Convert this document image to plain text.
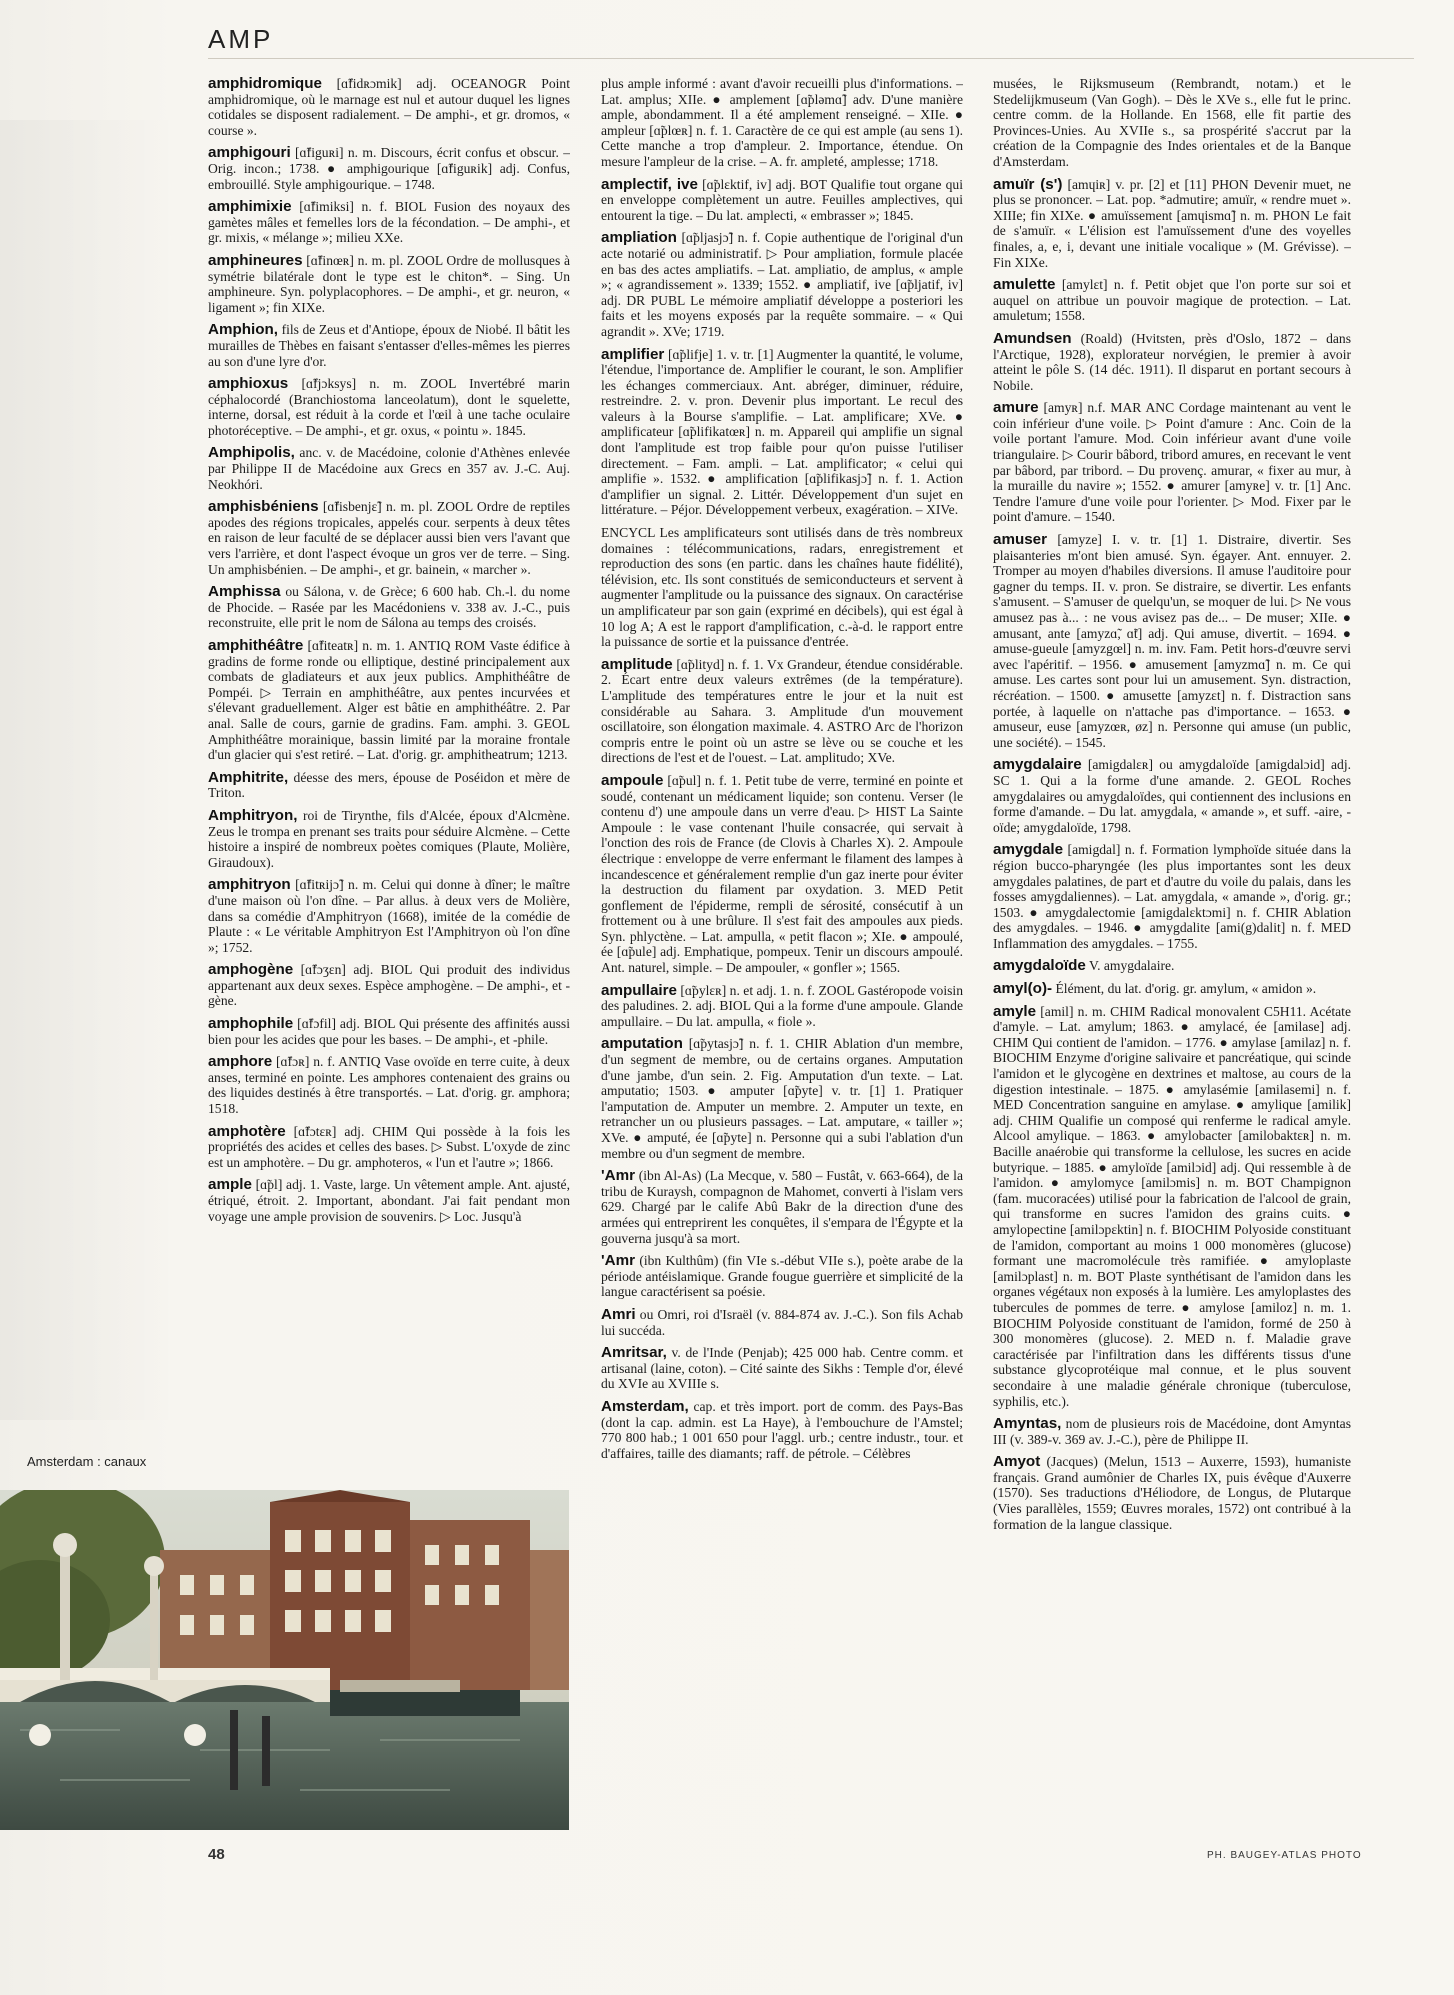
AMP

amphidromique [ɑ̃fidʀɔmik] adj. OCEANOGR Point amphidromique, où le marnage est nul et autour duquel les lignes cotidales se disposent radialement. – De amphi-, et gr. dromos, « course ».

amphigouri [ɑ̃figuʀi] n. m. Discours, écrit confus et obscur. – Orig. incon.; 1738. ● amphigourique [ɑ̃figuʀik] adj. Confus, embrouillé. Style amphigourique. – 1748.

amphimixie [ɑ̃fimiksi] n. f. BIOL Fusion des noyaux des gamètes mâles et femelles lors de la fécondation. – De amphi-, et gr. mixis, « mélange »; milieu XXe.

amphineures [ɑ̃finœʀ] n. m. pl. ZOOL Ordre de mollusques à symétrie bilatérale dont le type est le chiton*. – Sing. Un amphineure. Syn. polyplacophores. – De amphi-, et gr. neuron, « ligament »; fin XIXe.

Amphion, fils de Zeus et d'Antiope, époux de Niobé. Il bâtit les murailles de Thèbes en faisant s'entasser d'elles-mêmes les pierres au son d'une lyre d'or.

amphioxus [ɑ̃fjɔksys] n. m. ZOOL Invertébré marin céphalocordé (Branchiostoma lanceolatum), dont le squelette, interne, dorsal, est réduit à la corde et l'œil à une tache oculaire photoréceptive. – De amphi-, et gr. oxus, « pointu ». 1845.

Amphipolis, anc. v. de Macédoine, colonie d'Athènes enlevée par Philippe II de Macédoine aux Grecs en 357 av. J.-C. Auj. Neokhóri.

amphisbéniens [ɑ̃fisbenjɛ̃] n. m. pl. ZOOL Ordre de reptiles apodes des régions tropicales, appelés cour. serpents à deux têtes en raison de leur faculté de se déplacer aussi bien vers l'avant que vers l'arrière, et dont l'aspect évoque un gros ver de terre. – Sing. Un amphisbénien. – De amphi-, et gr. bainein, « marcher ».

Amphissa ou Sálona, v. de Grèce; 6 600 hab. Ch.-l. du nome de Phocide. – Rasée par les Macédoniens v. 338 av. J.-C., puis reconstruite, elle prit le nom de Sálona au temps des croisés.

amphithéâtre [ɑ̃fiteatʀ] n. m. 1. ANTIQ ROM Vaste édifice à gradins de forme ronde ou elliptique, destiné principalement aux combats de gladiateurs et aux jeux publics. Amphithéâtre de Pompéi. ▷ Terrain en amphithéâtre, aux pentes incurvées et s'élevant graduellement. Alger est bâtie en amphithéâtre. 2. Par anal. Salle de cours, garnie de gradins. Fam. amphi. 3. GEOL Amphithéâtre morainique, bassin limité par la moraine frontale d'un glacier qui s'est retiré. – Lat. d'orig. gr. amphitheatrum; 1213.

Amphitrite, déesse des mers, épouse de Poséidon et mère de Triton.

Amphitryon, roi de Tirynthe, fils d'Alcée, époux d'Alcmène. Zeus le trompa en prenant ses traits pour séduire Alcmène. – Cette histoire a inspiré de nombreux poètes comiques (Plaute, Molière, Giraudoux).

amphitryon [ɑ̃fitʀijɔ̃] n. m. Celui qui donne à dîner; le maître d'une maison où l'on dîne. – Par allus. à deux vers de Molière, dans sa comédie d'Amphitryon (1668), imitée de la comédie de Plaute : « Le véritable Amphitryon Est l'Amphitryon où l'on dîne »; 1752.

amphogène [ɑ̃fɔʒɛn] adj. BIOL Qui produit des individus appartenant aux deux sexes. Espèce amphogène. – De amphi-, et -gène.

amphophile [ɑ̃fɔfil] adj. BIOL Qui présente des affinités aussi bien pour les acides que pour les bases. – De amphi-, et -phile.

amphore [ɑ̃fɔʀ] n. f. ANTIQ Vase ovoïde en terre cuite, à deux anses, terminé en pointe. Les amphores contenaient des grains ou des liquides destinés à être transportés. – Lat. d'orig. gr. amphora; 1518.

amphotère [ɑ̃fɔtɛʀ] adj. CHIM Qui possède à la fois les propriétés des acides et celles des bases. ▷ Subst. L'oxyde de zinc est un amphotère. – Du gr. amphoteros, « l'un et l'autre »; 1866.

ample [ɑ̃pl] adj. 1. Vaste, large. Un vêtement ample. Ant. ajusté, étriqué, étroit. 2. Important, abondant. J'ai fait pendant mon voyage une ample provision de souvenirs. ▷ Loc. Jusqu'à

plus ample informé : avant d'avoir recueilli plus d'informations. – Lat. amplus; XIIe. ● amplement [ɑ̃pləmɑ̃] adv. D'une manière ample, abondamment. Il a été amplement renseigné. – XIIe. ● ampleur [ɑ̃plœʀ] n. f. 1. Caractère de ce qui est ample (au sens 1). Cette manche a trop d'ampleur. 2. Importance, étendue. On mesure l'ampleur de la crise. – A. fr. ampleté, amplesse; 1718.

amplectif, ive [ɑ̃plɛktif, iv] adj. BOT Qualifie tout organe qui en enveloppe complètement un autre. Feuilles amplectives, qui entourent la tige. – Du lat. amplecti, « embrasser »; 1845.

ampliation [ɑ̃pljasjɔ̃] n. f. Copie authentique de l'original d'un acte notarié ou administratif. ▷ Pour ampliation, formule placée en bas des actes ampliatifs. – Lat. ampliatio, de amplus, « ample »; « agrandissement ». 1339; 1552. ● ampliatif, ive [ɑ̃pljatif, iv] adj. DR PUBL Le mémoire ampliatif développe a posteriori les faits et les moyens exposés par la requête sommaire. – « Qui agrandit ». XVe; 1719.

amplifier [ɑ̃plifje] 1. v. tr. [1] Augmenter la quantité, le volume, l'étendue, l'importance de. Amplifier le courant, le son. Amplifier les échanges commerciaux. Ant. abréger, diminuer, réduire, restreindre. 2. v. pron. Devenir plus important. Le recul des valeurs à la Bourse s'amplifie. – Lat. amplificare; XVe. ● amplificateur [ɑ̃plifikatœʀ] n. m. Appareil qui amplifie un signal dont l'amplitude est trop faible pour qu'on puisse l'utiliser directement. – Fam. ampli. – Lat. amplificator; « celui qui amplifie ». 1532. ● amplification [ɑ̃plifikasjɔ̃] n. f. 1. Action d'amplifier un signal. 2. Littér. Développement d'un sujet en littérature. – Péjor. Développement verbeux, exagération. – XIVe.

ENCYCL Les amplificateurs sont utilisés dans de très nombreux domaines : télécommunications, radars, enregistrement et reproduction des sons (en partic. dans les chaînes haute fidélité), télévision, etc. Ils sont constitués de semiconducteurs et servent à augmenter l'amplitude ou la puissance des signaux. On caractérise un amplificateur par son gain (exprimé en décibels), qui est égal à 10 log A; A est le rapport d'amplification, c.-à-d. le rapport entre la puissance de sortie et la puissance d'entrée.

amplitude [ɑ̃plityd] n. f. 1. Vx Grandeur, étendue considérable. 2. Écart entre deux valeurs extrêmes (de la température). L'amplitude des températures entre le jour et la nuit est considérable au Sahara. 3. Amplitude d'un mouvement oscillatoire, son élongation maximale. 4. ASTRO Arc de l'horizon compris entre le point où un astre se lève ou se couche et les directions de l'est et de l'ouest. – Lat. amplitudo; XVe.

ampoule [ɑ̃pul] n. f. 1. Petit tube de verre, terminé en pointe et soudé, contenant un médicament liquide; son contenu. Verser (le contenu d') une ampoule dans un verre d'eau. ▷ HIST La Sainte Ampoule : le vase contenant l'huile consacrée, qui servait à l'onction des rois de France (de Clovis à Charles X). 2. Ampoule électrique : enveloppe de verre enfermant le filament des lampes à incandescence et généralement remplie d'un gaz inerte pour éviter la destruction du filament par oxydation. 3. MED Petit gonflement de l'épiderme, rempli de sérosité, consécutif à un frottement ou à une brûlure. Il s'est fait des ampoules aux pieds. Syn. phlyctène. – Lat. ampulla, « petit flacon »; XIe. ● ampoulé, ée [ɑ̃pule] adj. Emphatique, pompeux. Tenir un discours ampoulé. Ant. naturel, simple. – De ampouler, « gonfler »; 1565.

ampullaire [ɑ̃pylɛʀ] n. et adj. 1. n. f. ZOOL Gastéropode voisin des paludines. 2. adj. BIOL Qui a la forme d'une ampoule. Glande ampullaire. – Du lat. ampulla, « fiole ».

amputation [ɑ̃pytasjɔ̃] n. f. 1. CHIR Ablation d'un membre, d'un segment de membre, ou de certains organes. Amputation d'une jambe, d'un sein. 2. Fig. Amputation d'un texte. – Lat. amputatio; 1503. ● amputer [ɑ̃pyte] v. tr. [1] 1. Pratiquer l'amputation de. Amputer un membre. 2. Amputer un texte, en retrancher un ou plusieurs passages. – Lat. amputare, « tailler »; XVe. ● amputé, ée [ɑ̃pyte] n. Personne qui a subi l'ablation d'un membre ou d'un segment de membre.

'Amr (ibn Al-As) (La Mecque, v. 580 – Fustât, v. 663-664), de la tribu de Kuraysh, compagnon de Mahomet, converti à l'islam vers 629. Chargé par le calife Abû Bakr de la direction d'une des armées qui entreprirent les conquêtes, il s'empara de l'Égypte et la gouverna jusqu'à sa mort.

'Amr (ibn Kulthûm) (fin VIe s.-début VIIe s.), poète arabe de la période antéislamique. Grande fougue guerrière et simplicité de la langue caractérisent sa poésie.

Amri ou Omri, roi d'Israël (v. 884-874 av. J.-C.). Son fils Achab lui succéda.

Amritsar, v. de l'Inde (Penjab); 425 000 hab. Centre comm. et artisanal (laine, coton). – Cité sainte des Sikhs : Temple d'or, élevé du XVIe au XVIIIe s.

Amsterdam, cap. et très import. port de comm. des Pays-Bas (dont la cap. admin. est La Haye), à l'embouchure de l'Amstel; 770 800 hab.; 1 001 650 pour l'aggl. urb.; centre industr., tour. et d'affaires, taille des diamants; raff. de pétrole. – Célèbres

musées, le Rijksmuseum (Rembrandt, notam.) et le Stedelijkmuseum (Van Gogh). – Dès le XVe s., elle fut le princ. centre comm. de la Hollande. En 1568, elle fit partie des Provinces-Unies. Au XVIIe s., sa prospérité s'accrut par la création de la Compagnie des Indes orientales et de la Banque d'Amsterdam.

amuïr (s') [amɥiʀ] v. pr. [2] et [11] PHON Devenir muet, ne plus se prononcer. – Lat. pop. *admutire; amuïr, « rendre muet ». XIIIe; fin XIXe. ● amuïssement [amɥismɑ̃] n. m. PHON Le fait de s'amuïr. « L'élision est l'amuïssement d'une des voyelles finales, a, e, i, devant une initiale vocalique » (M. Grévisse). – Fin XIXe.

amulette [amylɛt] n. f. Petit objet que l'on porte sur soi et auquel on attribue un pouvoir magique de protection. – Lat. amuletum; 1558.

Amundsen (Roald) (Hvitsten, près d'Oslo, 1872 – dans l'Arctique, 1928), explorateur norvégien, le premier à avoir atteint le pôle S. (14 déc. 1911). Il disparut en portant secours à Nobile.

amure [amyʀ] n.f. MAR ANC Cordage maintenant au vent le coin inférieur d'une voile. ▷ Point d'amure : Anc. Coin de la voile portant l'amure. Mod. Coin inférieur avant d'une voile triangulaire. ▷ Courir bâbord, tribord amures, en recevant le vent par bâbord, par tribord. – Du provenç. amurar, « fixer au mur, à la muraille du navire »; 1552. ● amurer [amyʀe] v. tr. [1] Anc. Tendre l'amure d'une voile pour l'orienter. ▷ Mod. Fixer par le point d'amure. – 1540.

amuser [amyze] I. v. tr. [1] 1. Distraire, divertir. Ses plaisanteries m'ont bien amusé. Syn. égayer. Ant. ennuyer. 2. Tromper au moyen d'habiles diversions. Il amuse l'auditoire pour gagner du temps. II. v. pron. Se distraire, se divertir. Les enfants s'amusent. – S'amuser de quelqu'un, se moquer de lui. ▷ Ne vous amusez pas à... : ne vous avisez pas de... – De muser; XIIe. ● amusant, ante [amyzɑ̃, ɑ̃t] adj. Qui amuse, divertit. – 1694. ● amuse-gueule [amyzgœl] n. m. inv. Fam. Petit hors-d'œuvre servi avec l'apéritif. – 1956. ● amusement [amyzmɑ̃] n. m. Ce qui amuse. Les cartes sont pour lui un amusement. Syn. distraction, récréation. – 1500. ● amusette [amyzɛt] n. f. Distraction sans portée, à laquelle on n'attache pas d'importance. – 1653. ● amuseur, euse [amyzœʀ, øz] n. Personne qui amuse (un public, une société). – 1545.

amygdalaire [amigdalɛʀ] ou amygdaloïde [amigdalɔid] adj. SC 1. Qui a la forme d'une amande. 2. GEOL Roches amygdalaires ou amygdaloïdes, qui contiennent des inclusions en forme d'amande. – Du lat. amygdala, « amande », et suff. -aire, -oïde; amygdaloïde, 1798.

amygdale [amigdal] n. f. Formation lymphoïde située dans la région bucco-pharyngée (les plus importantes sont les deux amygdales palatines, de part et d'autre du voile du palais, dans les fosses amygdaliennes). – Lat. amygdala, « amande », d'orig. gr.; 1503. ● amygdalectomie [amigdalɛktɔmi] n. f. CHIR Ablation des amygdales. – 1946. ● amygdalite [ami(g)dalit] n. f. MED Inflammation des amygdales. – 1755.

amygdaloïde V. amygdalaire.

amyl(o)- Élément, du lat. d'orig. gr. amylum, « amidon ».

amyle [amil] n. m. CHIM Radical monovalent C5H11. Acétate d'amyle. – Lat. amylum; 1863. ● amylacé, ée [amilase] adj. CHIM Qui contient de l'amidon. – 1776. ● amylase [amilaz] n. f. BIOCHIM Enzyme d'origine salivaire et pancréatique, qui scinde l'amidon et le glycogène en dextrines et maltose, au cours de la digestion intestinale. – 1875. ● amylasémie [amilasemi] n. f. MED Concentration sanguine en amylase. ● amylique [amilik] adj. CHIM Qualifie un composé qui renferme le radical amyle. Alcool amylique. – 1863. ● amylobacter [amilobaktɛʀ] n. m. Bacille anaérobie qui transforme la cellulose, les sucres en acide butyrique. – 1885. ● amyloïde [amilɔid] adj. Qui ressemble à de l'amidon. ● amylomyce [amilɔmis] n. m. BOT Champignon (fam. mucoracées) utilisé pour la fabrication de l'alcool de grain, qui transforme en sucres l'amidon des grains cuits. ● amylopectine [amilɔpɛktin] n. f. BIOCHIM Polyoside constituant de l'amidon, comportant au moins 1 000 monomères (glucose) formant une macromolécule très ramifiée. ● amyloplaste [amilɔplast] n. m. BOT Plaste synthétisant de l'amidon dans les organes végétaux non exposés à la lumière. Les amyloplastes des tubercules de pommes de terre. ● amylose [amiloz] n. m. 1. BIOCHIM Polyoside constituant de l'amidon, formé de 250 à 300 monomères (glucose). 2. MED n. f. Maladie grave caractérisée par l'infiltration dans les différents tissus d'une substance glycoprotéique mal connue, et le plus souvent secondaire à une maladie générale chronique (tuberculose, syphilis, etc.).

Amyntas, nom de plusieurs rois de Macédoine, dont Amyntas III (v. 389-v. 369 av. J.-C.), père de Philippe II.

Amyot (Jacques) (Melun, 1513 – Auxerre, 1593), humaniste français. Grand aumônier de Charles IX, puis évêque d'Auxerre (1570). Ses traductions d'Héliodore, de Longus, de Plutarque (Vies parallèles, 1559; Œuvres morales, 1572) ont contribué à la formation de la langue classique.

Amsterdam : canaux
48	PH. BAUGEY-ATLAS PHOTO
